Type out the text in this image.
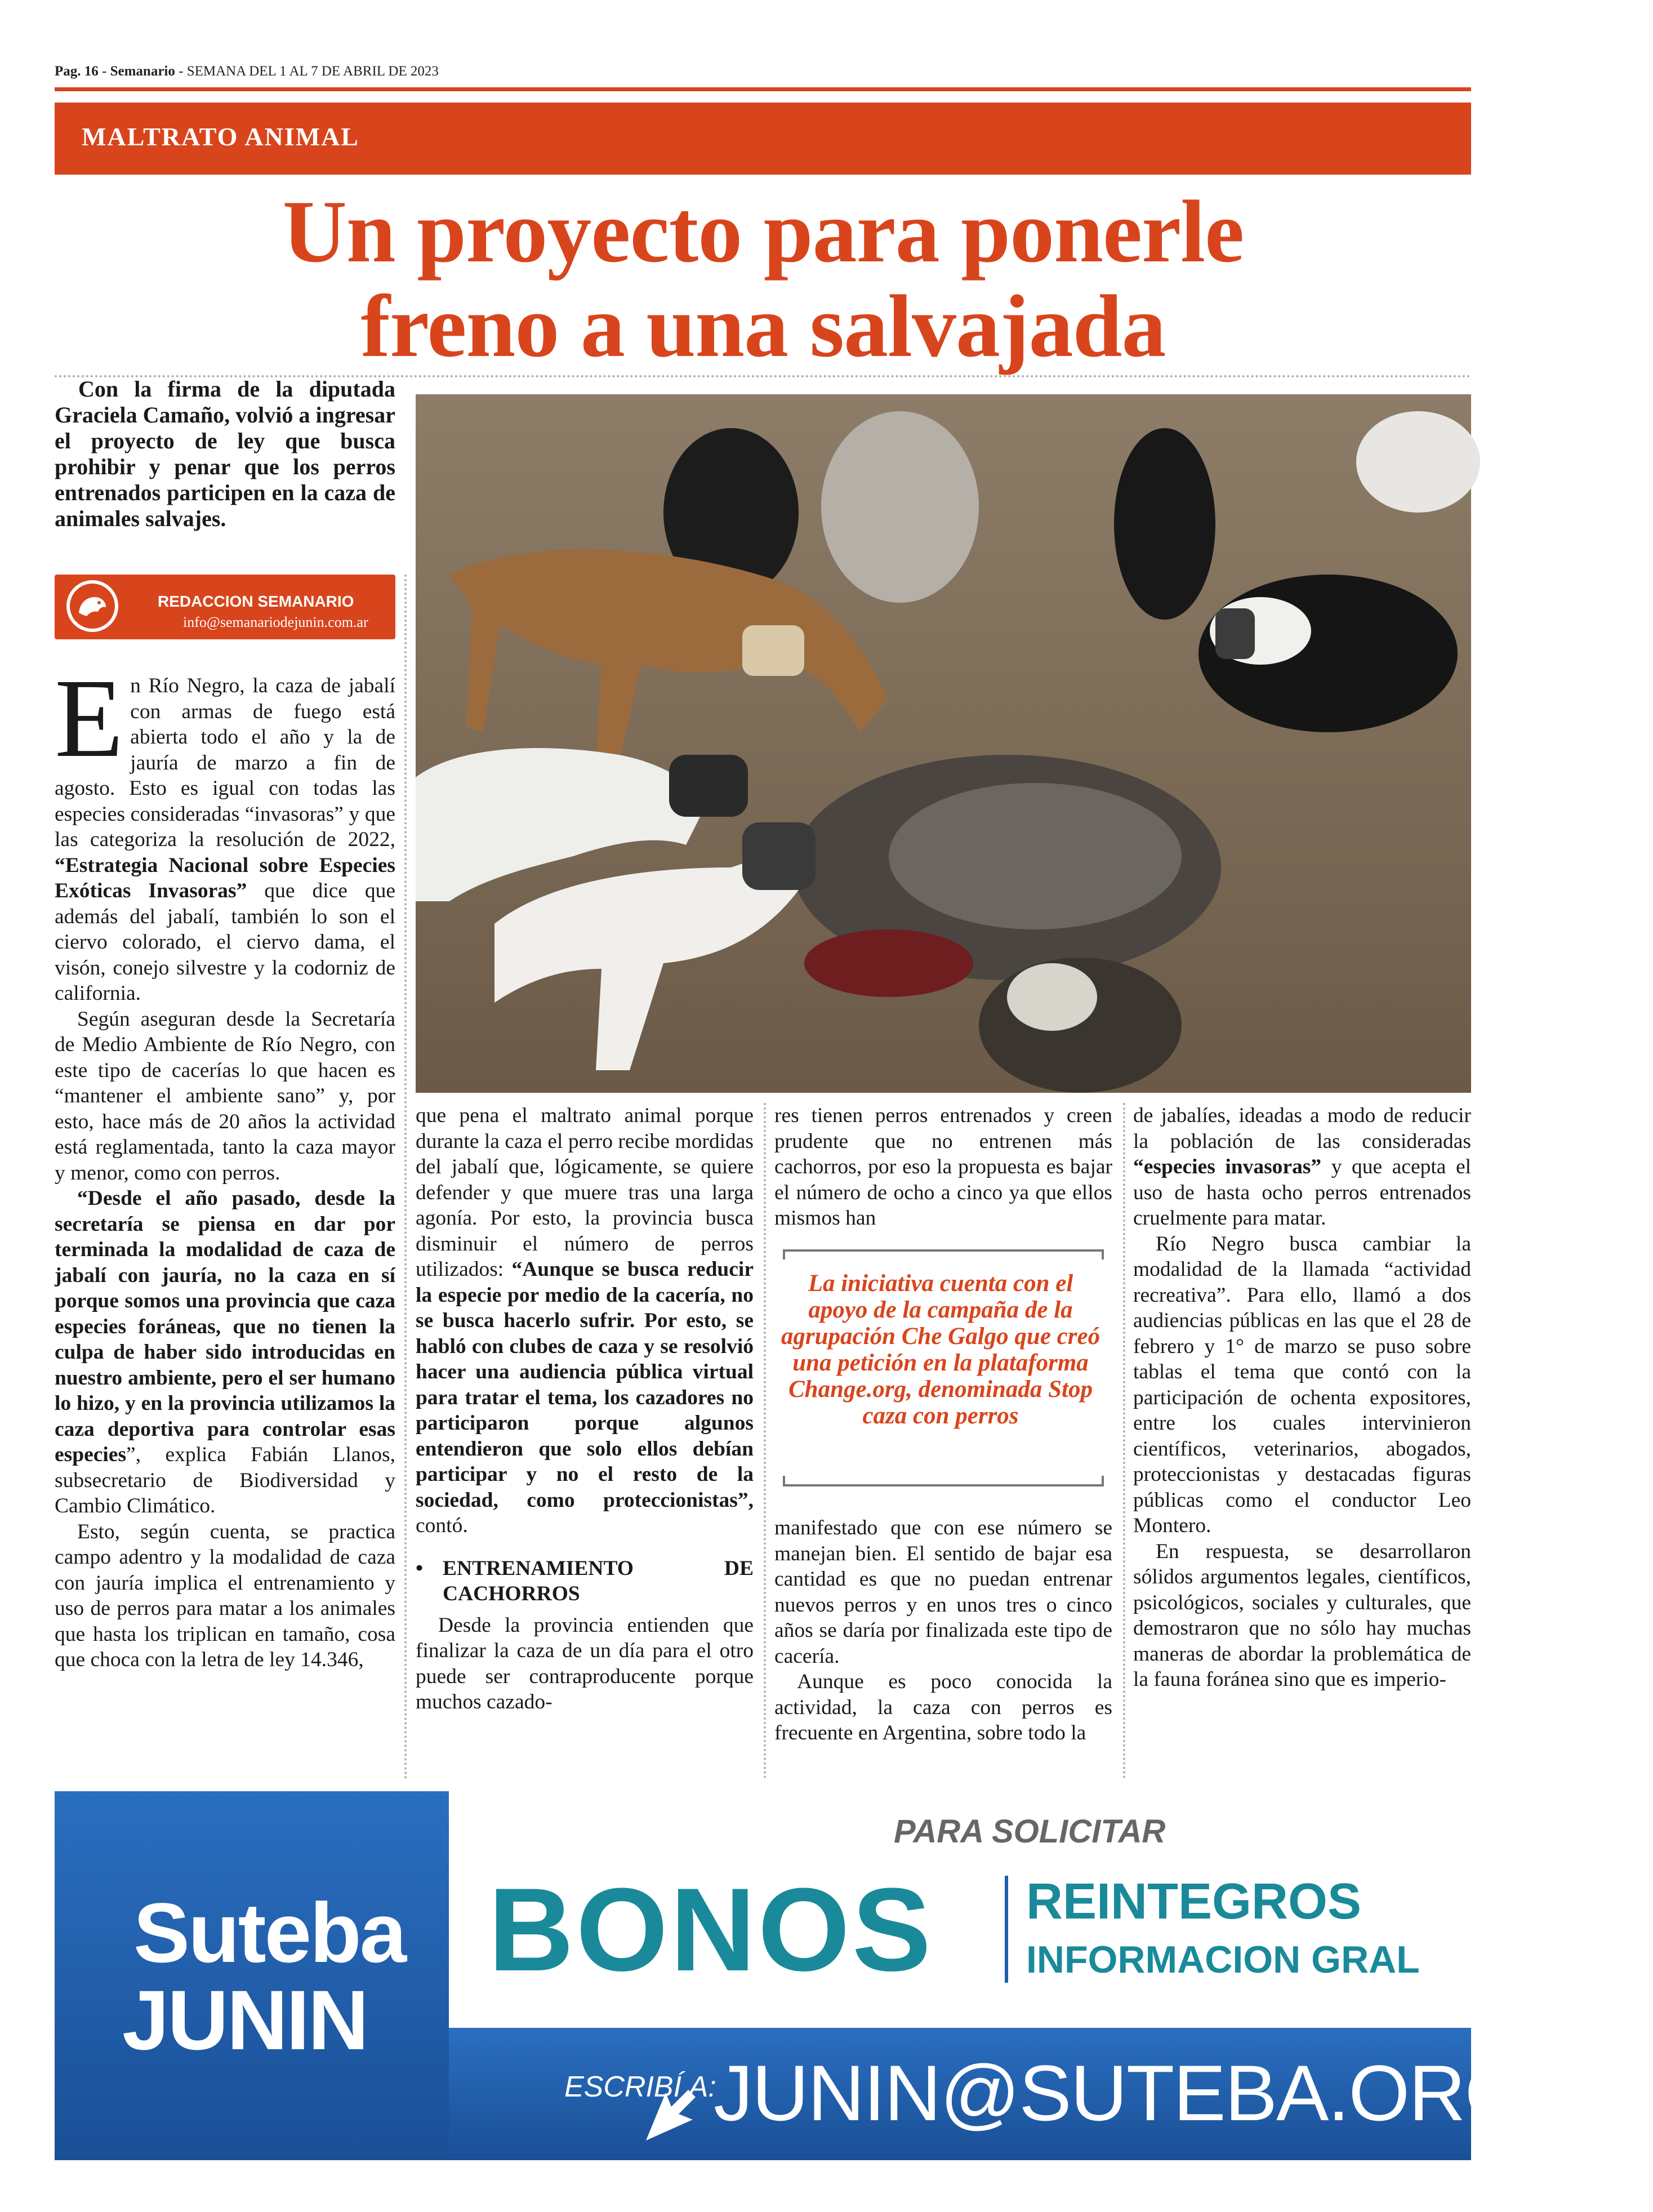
Pag. 16 - Semanario - SEMANA DEL 1 AL 7 DE ABRIL DE 2023
MALTRATO ANIMAL
Un proyecto para ponerle
freno a una salvajada

Con la firma de la diputada Graciela Camaño, volvió a ingresar el proyecto de ley que busca prohibir y penar que los perros entrenados participen en la caza de animales salvajes.

REDACCION SEMANARIO
info@semanariodejunin.com.ar

En Río Negro, la caza de jabalí con armas de fuego está abierta todo el año y la de jauría de marzo a fin de agosto. Esto es igual con todas las especies consideradas “invasoras” y que las categoriza la resolución de 2022, “Estrategia Nacional sobre Especies Exóticas Invasoras” que dice que además del jabalí, también lo son el ciervo colorado, el ciervo dama, el visón, conejo silvestre y la codorniz de california.

Según aseguran desde la Secretaría de Medio Ambiente de Río Negro, con este tipo de cacerías lo que hacen es “mantener el ambiente sano” y, por esto, hace más de 20 años la actividad está reglamentada, tanto la caza mayor y menor, como con perros.

“Desde el año pasado, desde la secretaría se piensa en dar por terminada la modalidad de caza de jabalí con jauría, no la caza en sí porque somos una provincia que caza especies foráneas, que no tienen la culpa de haber sido introducidas en nuestro ambiente, pero el ser humano lo hizo, y en la provincia utilizamos la caza deportiva para controlar esas especies”, explica Fabián Llanos, subsecretario de Biodiversidad y Cambio Climático.

Esto, según cuenta, se practica campo adentro y la modalidad de caza con jauría implica el entrenamiento y uso de perros para matar a los animales que hasta los triplican en tamaño, cosa que choca con la letra de ley 14.346,

que pena el maltrato animal porque durante la caza el perro recibe mordidas del jabalí que, lógicamente, se quiere defender y que muere tras una larga agonía. Por esto, la provincia busca disminuir el número de perros utilizados: “Aunque se busca reducir la especie por medio de la cacería, no se busca hacerlo sufrir. Por esto, se habló con clubes de caza y se resolvió hacer una audiencia pública virtual para tratar el tema, los cazadores no participaron porque algunos entendieron que solo ellos debían participar y no el resto de la sociedad, como proteccionistas”, contó.

• ENTRENAMIENTO DE CACHORROS

Desde la provincia entienden que finalizar la caza de un día para el otro puede ser contraproducente porque muchos cazado-

res tienen perros entrenados y creen prudente que no entrenen más cachorros, por eso la propuesta es bajar el número de ocho a cinco ya que ellos mismos han

La iniciativa cuenta con el apoyo de la campaña de la agrupación Che Galgo que creó una petición en la plataforma Change.org, denominada Stop caza con perros

manifestado que con ese número se manejan bien. El sentido de bajar esa cantidad es que no puedan entrenar nuevos perros y en unos tres o cinco años se daría por finalizada este tipo de cacería.

Aunque es poco conocida la actividad, la caza con perros es frecuente en Argentina, sobre todo la

de jabalíes, ideadas a modo de reducir la población de las consideradas “especies invasoras” y que acepta el uso de hasta ocho perros entrenados cruelmente para matar.

Río Negro busca cambiar la modalidad de la llamada “actividad recreativa”. Para ello, llamó a dos audiencias públicas en las que el 28 de febrero y 1° de marzo se puso sobre tablas el tema que contó con la participación de ochenta expositores, entre los cuales intervinieron científicos, veterinarios, abogados, proteccionistas y destacadas figuras públicas como el conductor Leo Montero.

En respuesta, se desarrollaron sólidos argumentos legales, científicos, psicológicos, sociales y culturales, que demostraron que no sólo hay muchas maneras de abordar la problemática de la fauna foránea sino que es imperio-

Suteba
JUNIN
PARA SOLICITAR
BONOS REINTEGROS
INFORMACION GRAL
ESCRIBÍ A:
JUNIN@SUTEBA.ORG.AR
